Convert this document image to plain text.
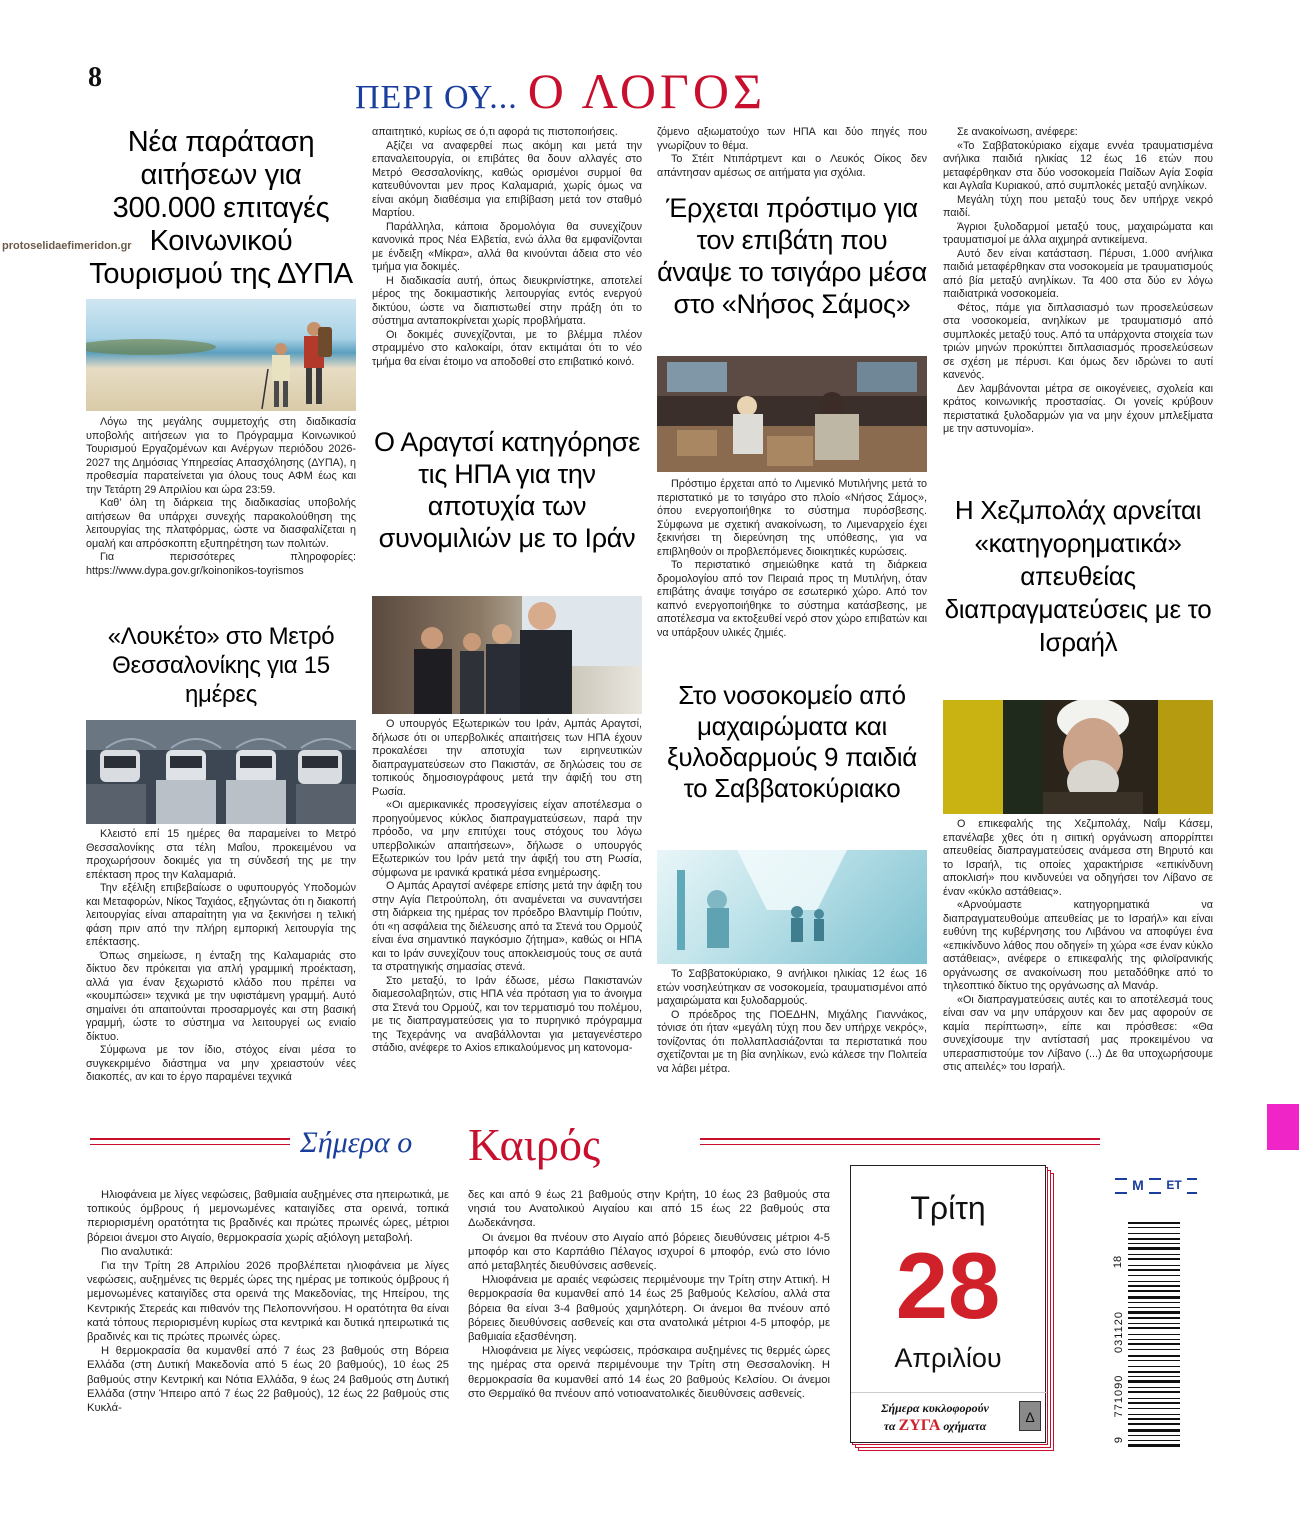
8
ΠΕΡΙ ΟΥ... Ο ΛΟΓΟΣ
Νέα παράταση αιτήσεων για 300.000 επιταγές Κοινωνικού Τουρισμού της ΔΥΠΑ

Λόγω της μεγάλης συμμετοχής στη διαδικασία υποβολής αιτήσεων για το Πρόγραμμα Κοινωνικού Τουρισμού Εργαζομένων και Ανέργων περιόδου 2026-2027 της Δημόσιας Υπηρεσίας Απασχόλησης (ΔΥΠΑ), η προθεσμία παρατείνεται για όλους τους ΑΦΜ έως και την Τετάρτη 29 Απριλίου και ώρα 23:59.

Καθ’ όλη τη διάρκεια της διαδικασίας υποβολής αιτήσεων θα υπάρχει συνεχής παρακολούθηση της λειτουργίας της πλατφόρμας, ώστε να διασφαλίζεται η ομαλή και απρόσκοπτη εξυπηρέτηση των πολιτών.

Για περισσότερες πληροφορίες: https://www.dypa.gov.gr/koinonikos-toyrismos

«Λουκέτο» στο Μετρό Θεσσαλονίκης για 15 ημέρες

Κλειστό επί 15 ημέρες θα παραμείνει το Μετρό Θεσσαλονίκης στα τέλη Μαΐου, προκειμένου να προχωρήσουν δοκιμές για τη σύνδεσή της με την επέκταση προς την Καλαμαριά.

Την εξέλιξη επιβεβαίωσε ο υφυπουργός Υποδομών και Μεταφορών, Νίκος Ταχιάος, εξηγώντας ότι η διακοπή λειτουργίας είναι απαραίτητη για να ξεκινήσει η τελική φάση πριν από την πλήρη εμπορική λειτουργία της επέκτασης.

Όπως σημείωσε, η ένταξη της Καλαμαριάς στο δίκτυο δεν πρόκειται για απλή γραμμική προέκταση, αλλά για έναν ξεχωριστό κλάδο που πρέπει να «κουμπώσει» τεχνικά με την υφιστάμενη γραμμή. Αυτό σημαίνει ότι απαιτούνται προσαρμογές και στη βασική γραμμή, ώστε το σύστημα να λειτουργεί ως ενιαίο δίκτυο.

Σύμφωνα με τον ίδιο, στόχος είναι μέσα το συγκεκριμένο διάστημα να μην χρειαστούν νέες διακοπές, αν και το έργο παραμένει τεχνικά

protoselidaefimeridon.gr

απαιτητικό, κυρίως σε ό,τι αφορά τις πιστοποιήσεις.

Αξίζει να αναφερθεί πως ακόμη και μετά την επαναλειτουργία, οι επιβάτες θα δουν αλλαγές στο Μετρό Θεσσαλονίκης, καθώς ορισμένοι συρμοί θα κατευθύνονται μεν προς Καλαμαριά, χωρίς όμως να είναι ακόμη διαθέσιμα για επιβίβαση μετά τον σταθμό Μαρτίου.

Παράλληλα, κάποια δρομολόγια θα συνεχίζουν κανονικά προς Νέα Ελβετία, ενώ άλλα θα εμφανίζονται με ένδειξη «Μίκρα», αλλά θα κινούνται άδεια στο νέο τμήμα για δοκιμές.

Η διαδικασία αυτή, όπως διευκρινίστηκε, αποτελεί μέρος της δοκιμαστικής λειτουργίας εντός ενεργού δικτύου, ώστε να διαπιστωθεί στην πράξη ότι το σύστημα ανταποκρίνεται χωρίς προβλήματα.

Οι δοκιμές συνεχίζονται, με το βλέμμα πλέον στραμμένο στο καλοκαίρι, όταν εκτιμάται ότι το νέο τμήμα θα είναι έτοιμο να αποδοθεί στο επιβατικό κοινό.

Ο Αραγτσί κατηγόρησε τις ΗΠΑ για την αποτυχία των συνομιλιών με το Ιράν

Ο υπουργός Εξωτερικών του Ιράν, Αμπάς Αραγτσί, δήλωσε ότι οι υπερβολικές απαιτήσεις των ΗΠΑ έχουν προκαλέσει την αποτυχία των ειρηνευτικών διαπραγματεύσεων στο Πακιστάν, σε δηλώσεις του σε τοπικούς δημοσιογράφους μετά την άφιξή του στη Ρωσία.

«Οι αμερικανικές προσεγγίσεις είχαν αποτέλεσμα ο προηγούμενος κύκλος διαπραγματεύσεων, παρά την πρόοδο, να μην επιτύχει τους στόχους του λόγω υπερβολικών απαιτήσεων», δήλωσε ο υπουργός Εξωτερικών του Ιράν μετά την άφιξή του στη Ρωσία, σύμφωνα με ιρανικά κρατικά μέσα ενημέρωσης.

Ο Αμπάς Αραγτσί ανέφερε επίσης μετά την άφιξη του στην Αγία Πετρούπολη, ότι αναμένεται να συναντήσει στη διάρκεια της ημέρας τον πρόεδρο Βλαντιμίρ Πούτιν, ότι «η ασφάλεια της διέλευσης από τα Στενά του Ορμούζ είναι ένα σημαντικό παγκόσμιο ζήτημα», καθώς οι ΗΠΑ και το Ιράν συνεχίζουν τους αποκλεισμούς τους σε αυτά τα στρατηγικής σημασίας στενά.

Στο μεταξύ, το Ιράν έδωσε, μέσω Πακιστανών διαμεσολαβητών, στις ΗΠΑ νέα πρόταση για το άνοιγμα στα Στενά του Ορμούζ, και τον τερματισμό του πολέμου, με τις διαπραγματεύσεις για το πυρηνικό πρόγραμμα της Τεχεράνης να αναβάλλονται για μεταγενέστερο στάδιο, ανέφερε το Axios επικαλούμενος μη κατονομα-

ζόμενο αξιωματούχο των ΗΠΑ και δύο πηγές που γνωρίζουν το θέμα.

Το Στέιτ Ντιπάρτμεντ και ο Λευκός Οίκος δεν απάντησαν αμέσως σε αιτήματα για σχόλια.

Έρχεται πρόστιμο για τον επιβάτη που άναψε το τσιγάρο μέσα στο «Νήσος Σάμος»

Πρόστιμο έρχεται από το Λιμενικό Μυτιλήνης μετά το περιστατικό με το τσιγάρο στο πλοίο «Νήσος Σάμος», όπου ενεργοποιήθηκε το σύστημα πυρόσβεσης. Σύμφωνα με σχετική ανακοίνωση, το Λιμεναρχείο έχει ξεκινήσει τη διερεύνηση της υπόθεσης, για να επιβληθούν οι προβλεπόμενες διοικητικές κυρώσεις.

Το περιστατικό σημειώθηκε κατά τη διάρκεια δρομολογίου από τον Πειραιά προς τη Μυτιλήνη, όταν επιβάτης άναψε τσιγάρο σε εσωτερικό χώρο. Από τον καπνό ενεργοποιήθηκε το σύστημα κατάσβεσης, με αποτέλεσμα να εκτοξευθεί νερό στον χώρο επιβατών και να υπάρξουν υλικές ζημιές.

Στο νοσοκομείο από μαχαιρώματα και ξυλοδαρμούς 9 παιδιά το Σαββατοκύριακο

Το Σαββατοκύριακο, 9 ανήλικοι ηλικίας 12 έως 16 ετών νοσηλεύτηκαν σε νοσοκομεία, τραυματισμένοι από μαχαιρώματα και ξυλοδαρμούς.

Ο πρόεδρος της ΠΟΕΔΗΝ, Μιχάλης Γιαννάκος, τόνισε ότι ήταν «μεγάλη τύχη που δεν υπήρχε νεκρός», τονίζοντας ότι πολλαπλασιάζονται τα περιστατικά που σχετίζονται με τη βία ανηλίκων, ενώ κάλεσε την Πολιτεία να λάβει μέτρα.

Σε ανακοίνωση, ανέφερε:

«Το Σαββατοκύριακο είχαμε εννέα τραυματισμένα ανήλικα παιδιά ηλικίας 12 έως 16 ετών που μεταφέρθηκαν στα δύο νοσοκομεία Παίδων Αγία Σοφία και Αγλαΐα Κυριακού, από συμπλοκές μεταξύ ανηλίκων.

Μεγάλη τύχη που μεταξύ τους δεν υπήρχε νεκρό παιδί.

Άγριοι ξυλοδαρμοί μεταξύ τους, μαχαιρώματα και τραυματισμοί με άλλα αιχμηρά αντικείμενα.

Αυτό δεν είναι κατάσταση. Πέρυσι, 1.000 ανήλικα παιδιά μεταφέρθηκαν στα νοσοκομεία με τραυματισμούς από βία μεταξύ ανηλίκων. Τα 400 στα δύο εν λόγω παιδιατρικά νοσοκομεία.

Φέτος, πάμε για διπλασιασμό των προσελεύσεων στα νοσοκομεία, ανηλίκων με τραυματισμό από συμπλοκές μεταξύ τους. Από τα υπάρχοντα στοιχεία των τριών μηνών προκύπτει διπλασιασμός προσελεύσεων σε σχέση με πέρυσι. Και όμως δεν ιδρώνει το αυτί κανενός.

Δεν λαμβάνονται μέτρα σε οικογένειες, σχολεία και κράτος κοινωνικής προστασίας. Οι γονείς κρύβουν περιστατικά ξυλοδαρμών για να μην έχουν μπλεξίματα με την αστυνομία».

Η Χεζμπολάχ αρνείται «κατηγορηματικά» απευθείας διαπραγματεύσεις με το Ισραήλ

Ο επικεφαλής της Χεζμπολάχ, Ναΐμ Κάσεμ, επανέλαβε χθες ότι η σιιτική οργάνωση απορρίπτει απευθείας διαπραγματεύσεις ανάμεσα στη Βηρυτό και το Ισραήλ, τις οποίες χαρακτήρισε «επικίνδυνη αποκλισή» που κινδυνεύει να οδηγήσει τον Λίβανο σε έναν «κύκλο αστάθειας».

«Αρνούμαστε κατηγορηματικά να διαπραγματευθούμε απευθείας με το Ισραήλ» και είναι ευθύνη της κυβέρνησης του Λιβάνου να αποφύγει ένα «επικίνδυνο λάθος που οδηγεί» τη χώρα «σε έναν κύκλο αστάθειας», ανέφερε ο επικεφαλής της φιλοϊρανικής οργάνωσης σε ανακοίνωση που μεταδόθηκε από το τηλεοπτικό δίκτυο της οργάνωσης αλ Μανάρ.

«Οι διαπραγματεύσεις αυτές και το αποτέλεσμά τους είναι σαν να μην υπάρχουν και δεν μας αφορούν σε καμία περίπτωση», είπε και πρόσθεσε: «Θα συνεχίσουμε την αντίστασή μας προκειμένου να υπερασπιστούμε τον Λίβανο (...) Δε θα υποχωρήσουμε στις απειλές» του Ισραήλ.

Σήμερα ο Καιρός

Ηλιοφάνεια με λίγες νεφώσεις, βαθμιαία αυξημένες στα ηπειρωτικά, με τοπικούς όμβρους ή μεμονωμένες καταιγίδες στα ορεινά, τοπικά περιορισμένη ορατότητα τις βραδινές και πρώτες πρωινές ώρες, μέτριοι βόρειοι άνεμοι στο Αιγαίο, θερμοκρασία χωρίς αξιόλογη μεταβολή.

Πιο αναλυτικά:

Για την Τρίτη 28 Απριλίου 2026 προβλέπεται ηλιοφάνεια με λίγες νεφώσεις, αυξημένες τις θερμές ώρες της ημέρας με τοπικούς όμβρους ή μεμονωμένες καταιγίδες στα ορεινά της Μακεδονίας, της Ηπείρου, της Κεντρικής Στερεάς και πιθανόν της Πελοποννήσου. Η ορατότητα θα είναι κατά τόπους περιορισμένη κυρίως στα κεντρικά και δυτικά ηπειρωτικά τις βραδινές και τις πρώτες πρωινές ώρες.

Η θερμοκρασία θα κυμανθεί από 7 έως 23 βαθμούς στη Βόρεια Ελλάδα (στη Δυτική Μακεδονία από 5 έως 20 βαθμούς), 10 έως 25 βαθμούς στην Κεντρική και Νότια Ελλάδα, 9 έως 24 βαθμούς στη Δυτική Ελλάδα (στην Ήπειρο από 7 έως 22 βαθμούς), 12 έως 22 βαθμούς στις Κυκλά-

δες και από 9 έως 21 βαθμούς στην Κρήτη, 10 έως 23 βαθμούς στα νησιά του Ανατολικού Αιγαίου και από 15 έως 22 βαθμούς στα Δωδεκάνησα.

Οι άνεμοι θα πνέουν στο Αιγαίο από βόρειες διευθύνσεις μέτριοι 4-5 μποφόρ και στο Καρπάθιο Πέλαγος ισχυροί 6 μποφόρ, ενώ στο Ιόνιο από μεταβλητές διευθύνσεις ασθενείς.

Ηλιοφάνεια με αραιές νεφώσεις περιμένουμε την Τρίτη στην Αττική. Η θερμοκρασία θα κυμανθεί από 14 έως 25 βαθμούς Κελσίου, αλλά στα βόρεια θα είναι 3-4 βαθμούς χαμηλότερη. Οι άνεμοι θα πνέουν από βόρειες διευθύνσεις ασθενείς και στα ανατολικά μέτριοι 4-5 μποφόρ, με βαθμιαία εξασθένηση.

Ηλιοφάνεια με λίγες νεφώσεις, πρόσκαιρα αυξημένες τις θερμές ώρες της ημέρας στα ορεινά περιμένουμε την Τρίτη στη Θεσσαλονίκη. Η θερμοκρασία θα κυμανθεί από 14 έως 20 βαθμούς Κελσίου. Οι άνεμοι στο Θερμαϊκό θα πνέουν από νοτιοανατολικές διευθύνσεις ασθενείς.

Τρίτη
28
Απριλίου
Σήμερα κυκλοφορούν
τα ΖΥΓΑ οχήματα
Δ
Μ	ΕΤ
18
031120
771090
9
